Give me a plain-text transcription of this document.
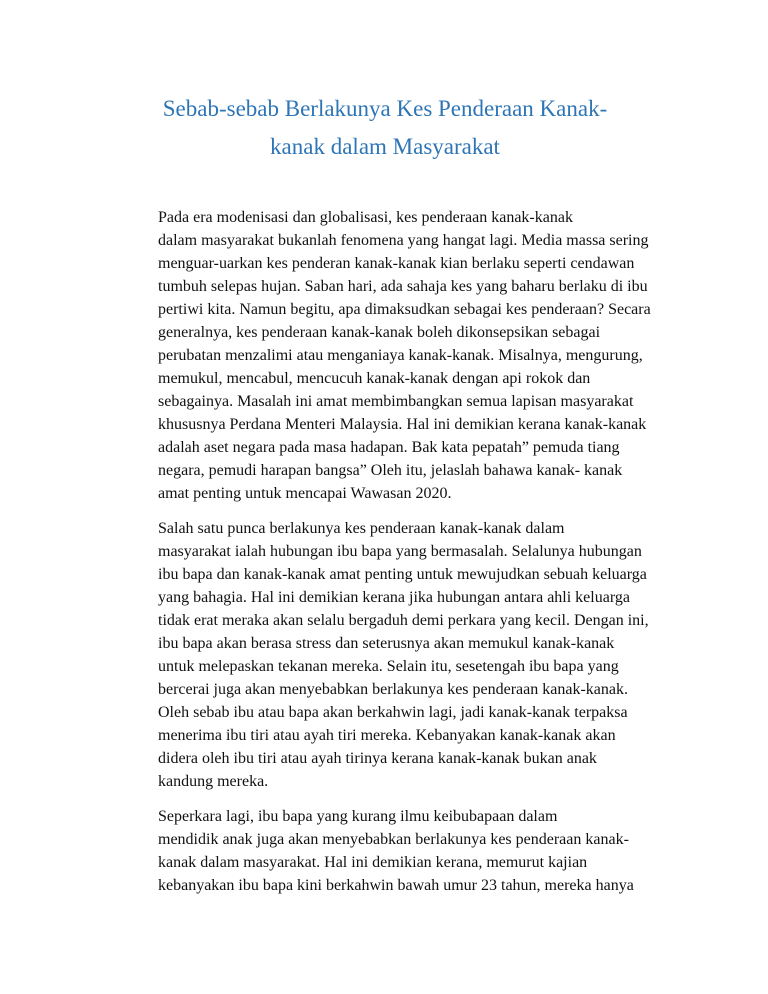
Sebab-sebab Berlakunya Kes Penderaan Kanak-
kanak dalam Masyarakat

Pada era modenisasi dan globalisasi, kes penderaan kanak-kanak
dalam masyarakat bukanlah fenomena yang hangat lagi. Media massa sering
menguar-uarkan kes penderan kanak-kanak kian berlaku seperti cendawan
tumbuh selepas hujan. Saban hari, ada sahaja kes yang baharu berlaku di ibu
pertiwi kita. Namun begitu, apa dimaksudkan sebagai kes penderaan? Secara
generalnya, kes penderaan kanak-kanak boleh dikonsepsikan sebagai
perubatan menzalimi atau menganiaya kanak-kanak. Misalnya, mengurung,
memukul, mencabul, mencucuh kanak-kanak dengan api rokok dan
sebagainya. Masalah ini amat membimbangkan semua lapisan masyarakat
khususnya Perdana Menteri Malaysia. Hal ini demikian kerana kanak-kanak
adalah aset negara pada masa hadapan. Bak kata pepatah” pemuda tiang
negara, pemudi harapan bangsa” Oleh itu, jelaslah bahawa kanak- kanak
amat penting untuk mencapai Wawasan 2020.

Salah satu punca berlakunya kes penderaan kanak-kanak dalam
masyarakat ialah hubungan ibu bapa yang bermasalah. Selalunya hubungan
ibu bapa dan kanak-kanak amat penting untuk mewujudkan sebuah keluarga
yang bahagia. Hal ini demikian kerana jika hubungan antara ahli keluarga
tidak erat meraka akan selalu bergaduh demi perkara yang kecil. Dengan ini,
ibu bapa akan berasa stress dan seterusnya akan memukul kanak-kanak
untuk melepaskan tekanan mereka. Selain itu, sesetengah ibu bapa yang
bercerai juga akan menyebabkan berlakunya kes penderaan kanak-kanak.
Oleh sebab ibu atau bapa akan berkahwin lagi, jadi kanak-kanak terpaksa
menerima ibu tiri atau ayah tiri mereka. Kebanyakan kanak-kanak akan
didera oleh ibu tiri atau ayah tirinya kerana kanak-kanak bukan anak
kandung mereka.

Seperkara lagi, ibu bapa yang kurang ilmu keibubapaan dalam
mendidik anak juga akan menyebabkan berlakunya kes penderaan kanak-
kanak dalam masyarakat. Hal ini demikian kerana, memurut kajian
kebanyakan ibu bapa kini berkahwin bawah umur 23 tahun, mereka hanya
